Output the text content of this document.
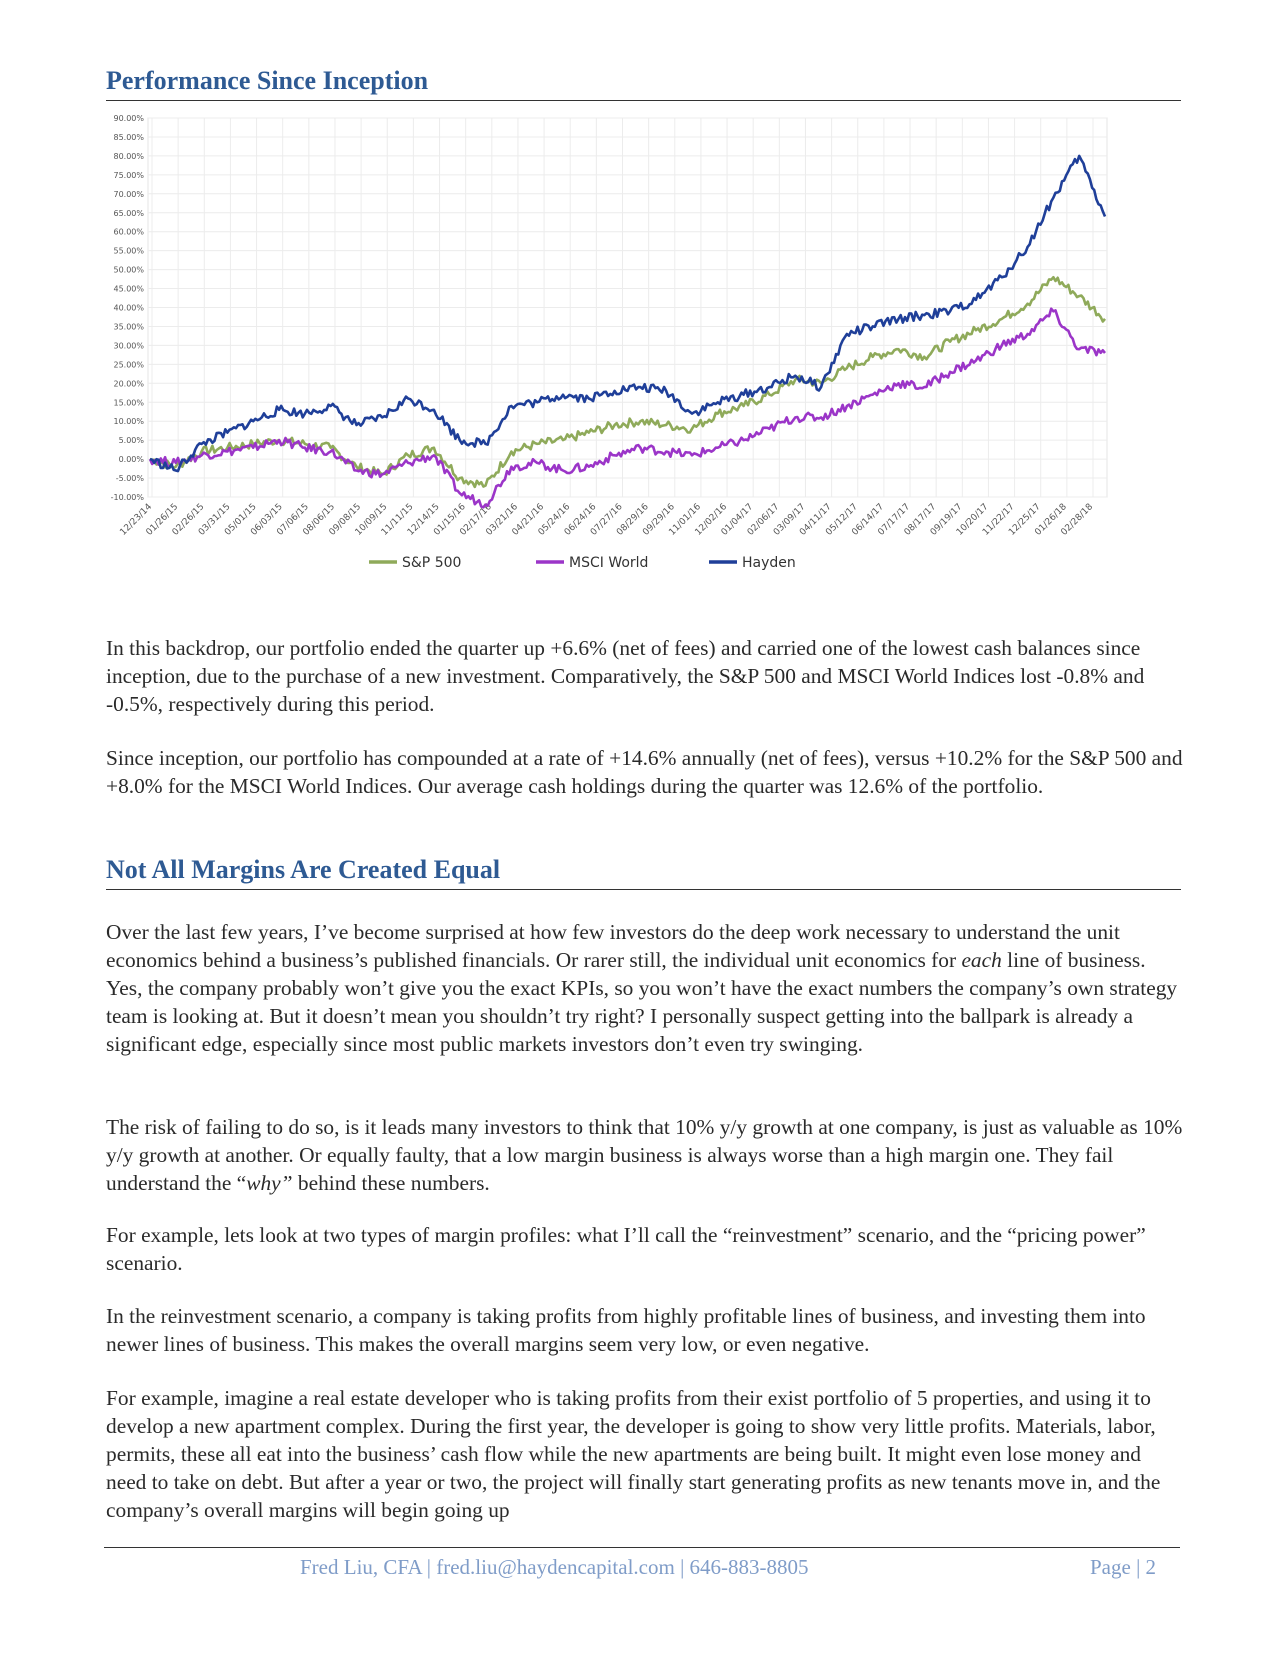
Performance Since Inception
90.00%
85.00%
80.00%
75.00%
70.00%
65.00%
60.00%
55.00%
50.00%
45.00%
40.00%
35.00%
30.00%
25.00%
20.00%
15.00%
10.00%
5.00%
0.00%
-5.00%
-10.00%
12/23/14
01/26/15
02/26/15
03/31/15
05/01/15
06/03/15
07/06/15
08/06/15
09/08/15
10/09/15
11/11/15
12/14/15
01/15/16
02/17/16
03/21/16
04/21/16
05/24/16
06/24/16
07/27/16
08/29/16
09/29/16
11/01/16
12/02/16
01/04/17
02/06/17
03/09/17
04/11/17
05/12/17
06/14/17
07/17/17
08/17/17
09/19/17
10/20/17
11/22/17
12/25/17
01/26/18
02/28/18
S&P 500	MSCI World	Hayden

In this backdrop, our portfolio ended the quarter up +6.6% (net of fees) and carried one of the lowest cash balances since inception, due to the purchase of a new investment. Comparatively, the S&P 500 and MSCI World Indices lost -0.8% and -0.5%, respectively during this period.

Since inception, our portfolio has compounded at a rate of +14.6% annually (net of fees), versus +10.2% for the S&P 500 and +8.0% for the MSCI World Indices. Our average cash holdings during the quarter was 12.6% of the portfolio.

Not All Margins Are Created Equal

Over the last few years, I’ve become surprised at how few investors do the deep work necessary to understand the unit economics behind a business’s published financials. Or rarer still, the individual unit economics for each line of business. Yes, the company probably won’t give you the exact KPIs, so you won’t have the exact numbers the company’s own strategy team is looking at. But it doesn’t mean you shouldn’t try right? I personally suspect getting into the ballpark is already a significant edge, especially since most public markets investors don’t even try swinging.

The risk of failing to do so, is it leads many investors to think that 10% y/y growth at one company, is just as valuable as 10% y/y growth at another. Or equally faulty, that a low margin business is always worse than a high margin one. They fail understand the “why” behind these numbers.

For example, lets look at two types of margin profiles: what I’ll call the “reinvestment” scenario, and the “pricing power” scenario.

In the reinvestment scenario, a company is taking profits from highly profitable lines of business, and investing them into newer lines of business. This makes the overall margins seem very low, or even negative.

For example, imagine a real estate developer who is taking profits from their exist portfolio of 5 properties, and using it to develop a new apartment complex. During the first year, the developer is going to show very little profits. Materials, labor, permits, these all eat into the business’ cash flow while the new apartments are being built. It might even lose money and need to take on debt. But after a year or two, the project will finally start generating profits as new tenants move in, and the company’s overall margins will begin going up

Fred Liu, CFA | fred.liu@haydencapital.com | 646-883-8805	Page | 2
